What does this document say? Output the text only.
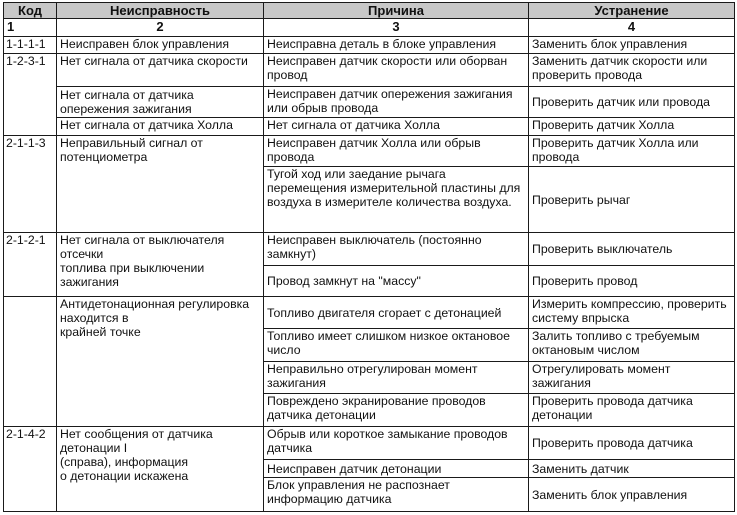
Код	Неисправность	Причина	Устранение
1	2	3	4
1-1-1-1	Неисправен блок управления	Неисправна деталь в блоке управления	Заменить блок управления
1-2-3-1	Нет сигнала от датчика скорости	Неисправен датчик скорости или оборван провод	Заменить датчик скорости или проверить провода
	Нет сигнала от датчика опережения зажигания	Неисправен датчик опережения зажигания или обрыв провода	Проверить датчик или провода
	Нет сигнала от датчика Холла	Нет сигнала от датчика Холла	Проверить датчик Холла
2-1-1-3	Неправильный сигнал от потенциометра	Неисправен датчик Холла или обрыв провода	Проверить датчик Холла или провода
		Тугой ход или заедание рычага перемещения измерительной пластины для воздуха в измерителе количества воздуха.	Проверить рычаг
2-1-2-1	Нет сигнала от выключателя отсечки
топлива при выключении зажигания	Неисправен выключатель (постоянно замкнут)	Проверить выключатель
		Провод замкнут на "массу"	Проверить провод
	Антидетонационная регулировка находится в
крайней точке	Топливо двигателя сгорает с детонацией	Измерить компрессию, проверить систему впрыска
		Топливо имеет слишком низкое октановое число	Залить топливо с требуемым октановым числом
		Неправильно отрегулирован момент зажигания	Отрегулировать момент зажигания
		Повреждено экранирование проводов датчика детонации	Проверить провода датчика детонации
2-1-4-2	Нет сообщения от датчика детонации I
(справа), информация
о детонации искажена	Обрыв или короткое замыкание проводов датчика	Проверить провода датчика
		Неисправен датчик детонации	Заменить датчик
		Блок управления не распознает информацию датчика	Заменить блок управления
